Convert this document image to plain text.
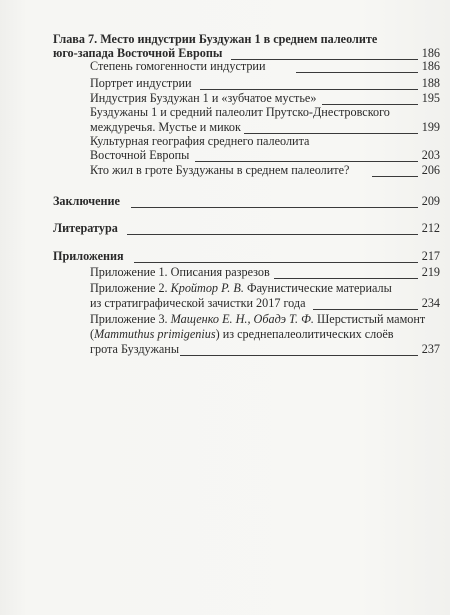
Глава 7. Место индустрии Буздужан 1 в среднем палеолите
юго-запада Восточной Европы	186
Степень гомогенности индустрии	186
Портрет индустрии	188
Индустрия Буздужан 1 и «зубчатое мустье»	195
Буздужаны 1 и средний палеолит Прутско-Днестровского
междуречья. Мустье и микок	199
Культурная география среднего палеолита
Восточной Европы	203
Кто жил в гроте Буздужаны в среднем палеолите?	206
Заключение	209
Литература	212
Приложения	217
Приложение 1. Описания разрезов	219
Приложение 2. Кройтор Р. В. Фаунистические материалы
из стратиграфической зачистки 2017 года	234
Приложение 3. Мащенко Е. Н., Обадэ Т. Ф. Шерстистый мамонт
(Mammuthus primigenius) из среднепалеолитических слоёв
грота Буздужаны	237
